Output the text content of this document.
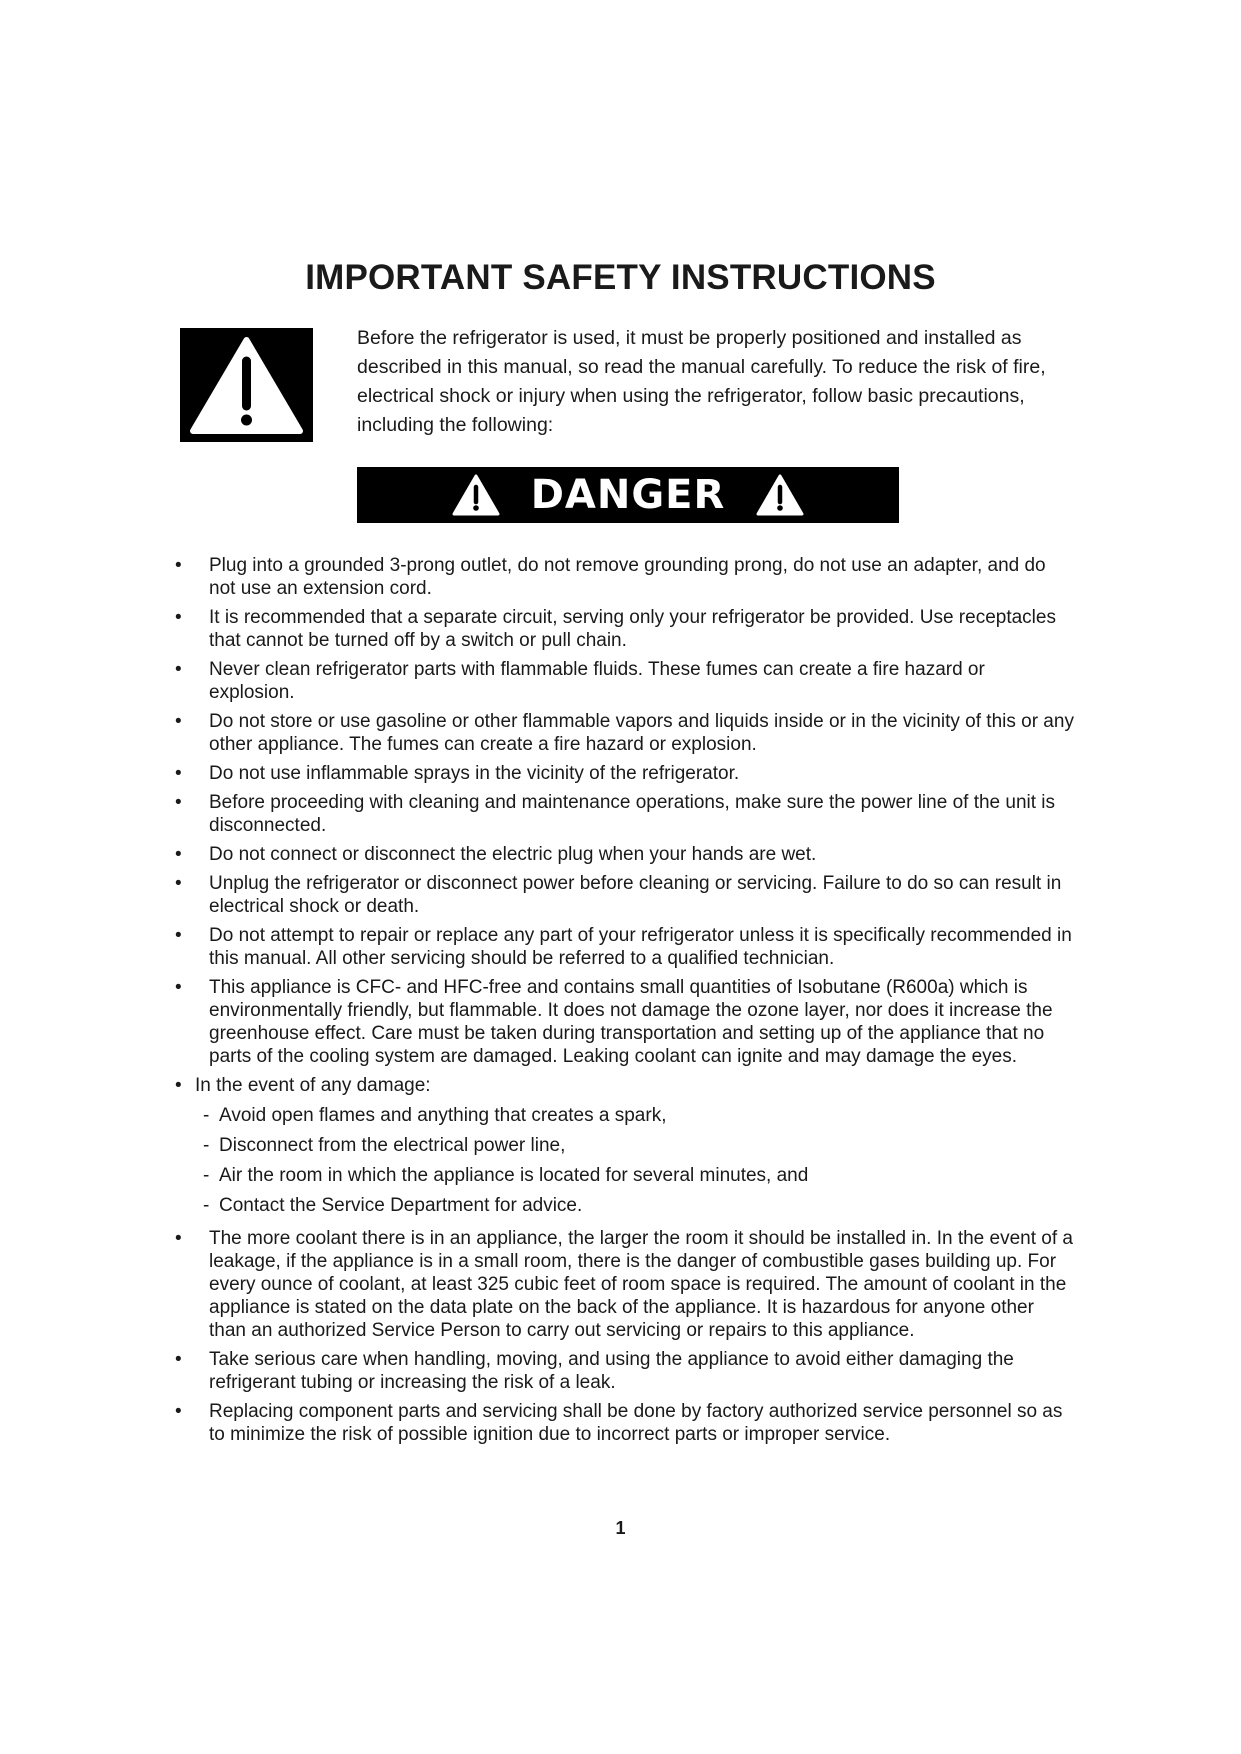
IMPORTANT SAFETY INSTRUCTIONS

Before the refrigerator is used, it must be properly positioned and installed as described in this manual, so read the manual carefully. To reduce the risk of fire, electrical shock or injury when using the refrigerator, follow basic precautions, including the following:

DANGER
• Plug into a grounded 3-prong outlet, do not remove grounding prong, do not use an adapter, and do not use an extension cord.
• It is recommended that a separate circuit, serving only your refrigerator be provided. Use receptacles that cannot be turned off by a switch or pull chain.
• Never clean refrigerator parts with flammable fluids. These fumes can create a fire hazard or explosion.
• Do not store or use gasoline or other flammable vapors and liquids inside or in the vicinity of this or any other appliance. The fumes can create a fire hazard or explosion.
• Do not use inflammable sprays in the vicinity of the refrigerator.
• Before proceeding with cleaning and maintenance operations, make sure the power line of the unit is disconnected.
• Do not connect or disconnect the electric plug when your hands are wet.
• Unplug the refrigerator or disconnect power before cleaning or servicing. Failure to do so can result in electrical shock or death.
• Do not attempt to repair or replace any part of your refrigerator unless it is specifically recommended in this manual. All other servicing should be referred to a qualified technician.
• This appliance is CFC- and HFC-free and contains small quantities of Isobutane (R600a) which is environmentally friendly, but flammable. It does not damage the ozone layer, nor does it increase the greenhouse effect. Care must be taken during transportation and setting up of the appliance that no parts of the cooling system are damaged. Leaking coolant can ignite and may damage the eyes.
• In the event of any damage:
- Avoid open flames and anything that creates a spark,
- Disconnect from the electrical power line,
- Air the room in which the appliance is located for several minutes, and
- Contact the Service Department for advice.
• The more coolant there is in an appliance, the larger the room it should be installed in. In the event of a leakage, if the appliance is in a small room, there is the danger of combustible gases building up. For every ounce of coolant, at least 325 cubic feet of room space is required. The amount of coolant in the appliance is stated on the data plate on the back of the appliance. It is hazardous for anyone other than an authorized Service Person to carry out servicing or repairs to this appliance.
• Take serious care when handling, moving, and using the appliance to avoid either damaging the refrigerant tubing or increasing the risk of a leak.
• Replacing component parts and servicing shall be done by factory authorized service personnel so as to minimize the risk of possible ignition due to incorrect parts or improper service.
1
